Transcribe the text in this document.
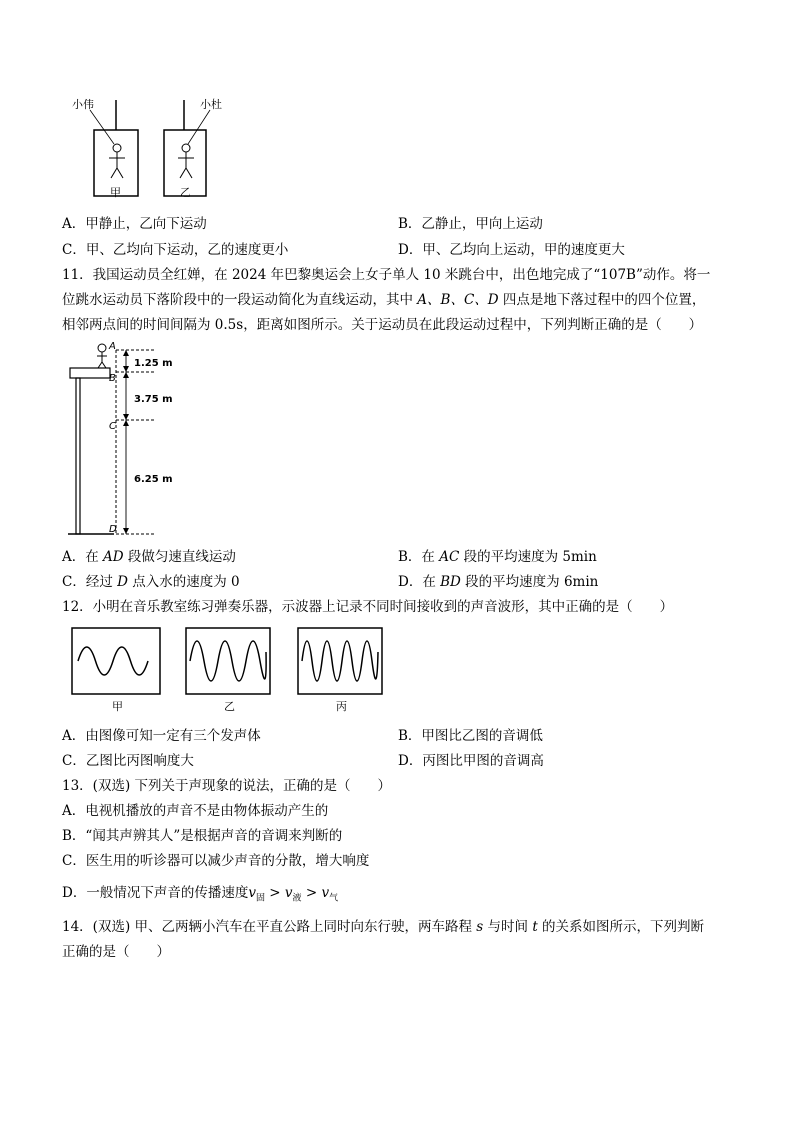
小伟
甲
小杜
乙
A．甲静止，乙向下运动	B．乙静止，甲向上运动
C．甲、乙均向下运动，乙的速度更小	D．甲、乙均向上运动，甲的速度更大
11．我国运动员全红婵，在 2024 年巴黎奥运会上女子单人 10 米跳台中，出色地完成了“107B”动作。将一
位跳水运动员下落阶段中的一段运动简化为直线运动，其中 A、B、C、D 四点是地下落过程中的四个位置，
相邻两点间的时间间隔为 0.5s，距离如图所示。关于运动员在此段运动过程中，下列判断正确的是（　　）
A
B
C
D
1.25 m
3.75 m
6.25 m
A．在 AD 段做匀速直线运动	B．在 AC 段的平均速度为 5min
C．经过 D 点入水的速度为 0	D．在 BD 段的平均速度为 6min
12．小明在音乐教室练习弹奏乐器，示波器上记录不同时间接收到的声音波形，其中正确的是（　　）
甲	乙	丙
A．由图像可知一定有三个发声体	B．甲图比乙图的音调低
C．乙图比丙图响度大	D．丙图比甲图的音调高
13．(双选) 下列关于声现象的说法，正确的是（　　）
A．电视机播放的声音不是由物体振动产生的
B．“闻其声辨其人”是根据声音的音调来判断的
C．医生用的听诊器可以减少声音的分散，增大响度
D．一般情况下声音的传播速度$v_固 > v_液 > v_气$
14．(双选) 甲、乙两辆小汽车在平直公路上同时向东行驶，两车路程 s 与时间 t 的关系如图所示，下列判断
正确的是（　　）
